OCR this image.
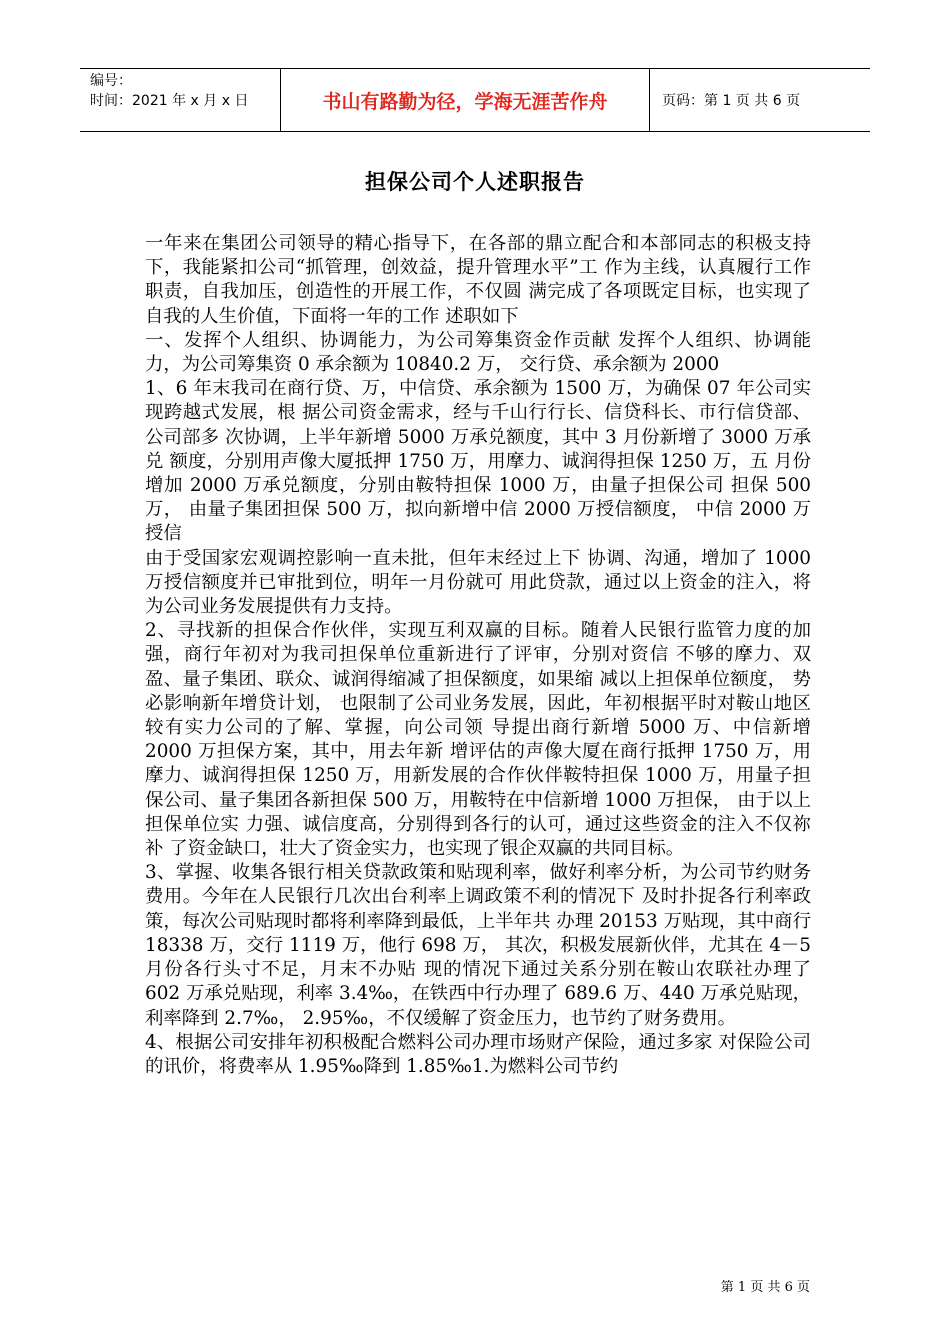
编号：
时间：2021 年 x 月 x 日	书山有路勤为径，学海无涯苦作舟	页码：第 1 页 共 6 页
担保公司个人述职报告

一年来在集团公司领导的精心指导下，在各部的鼎立配合和本部同志的积极支持下，我能紧扣公司“抓管理，创效益，提升管理水平”工 作为主线，认真履行工作职责，自我加压，创造性的开展工作，不仅圆 满完成了各项既定目标，也实现了自我的人生价值，下面将一年的工作 述职如下

一、发挥个人组织、协调能力，为公司筹集资金作贡献 发挥个人组织、协调能力，为公司筹集资 0 承余额为 10840.2 万， 交行贷、承余额为 2000

1、6 年末我司在商行贷、万，中信贷、承余额为 1500 万，为确保 07 年公司实现跨越式发展，根 据公司资金需求，经与千山行行长、信贷科长、市行信贷部、公司部多 次协调，上半年新增 5000 万承兑额度，其中 3 月份新增了 3000 万承兑 额度，分别用声像大厦抵押 1750 万，用摩力、诚润得担保 1250 万，五 月份增加 2000 万承兑额度，分别由鞍特担保 1000 万，由量子担保公司 担保 500 万， 由量子集团担保 500 万，拟向新增中信 2000 万授信额度， 中信 2000 万授信

由于受国家宏观调控影响一直未批，但年末经过上下 协调、沟通，增加了 1000 万授信额度并已审批到位，明年一月份就可 用此贷款，通过以上资金的注入，将为公司业务发展提供有力支持。

2、寻找新的担保合作伙伴，实现互利双赢的目标。随着人民银行监管力度的加强，商行年初对为我司担保单位重新进行了评审，分别对资信 不够的摩力、双盈、量子集团、联众、诚润得缩减了担保额度，如果缩 减以上担保单位额度， 势必影响新年增贷计划， 也限制了公司业务发展，因此，年初根据平时对鞍山地区较有实力公司的了解、掌握，向公司领 导提出商行新增 5000 万、中信新增 2000 万担保方案，其中，用去年新 增评估的声像大厦在商行抵押 1750 万，用摩力、诚润得担保 1250 万，用新发展的合作伙伴鞍特担保 1000 万，用量子担保公司、量子集团各新担保 500 万，用鞍特在中信新增 1000 万担保， 由于以上担保单位实 力强、诚信度高，分别得到各行的认可，通过这些资金的注入不仅祢补 了资金缺口，壮大了资金实力，也实现了银企双赢的共同目标。

3、掌握、收集各银行相关贷款政策和贴现利率，做好利率分析，为公司节约财务费用。今年在人民银行几次出台利率上调政策不利的情况下 及时扑捉各行利率政策，每次公司贴现时都将利率降到最低，上半年共 办理 20153 万贴现，其中商行 18338 万，交行 1119 万，他行 698 万， 其次，积极发展新伙伴，尤其在 4－5 月份各行头寸不足，月末不办贴 现的情况下通过关系分别在鞍山农联社办理了 602 万承兑贴现，利率 3.4‰，在铁西中行办理了 689.6 万、440 万承兑贴现，利率降到 2.7‰， 2.95‰，不仅缓解了资金压力，也节约了财务费用。

4、根据公司安排年初积极配合燃料公司办理市场财产保险，通过多家 对保险公司的讯价，将费率从 1.95‰降到 1.85‰1.为燃料公司节约

第 1 页 共 6 页
